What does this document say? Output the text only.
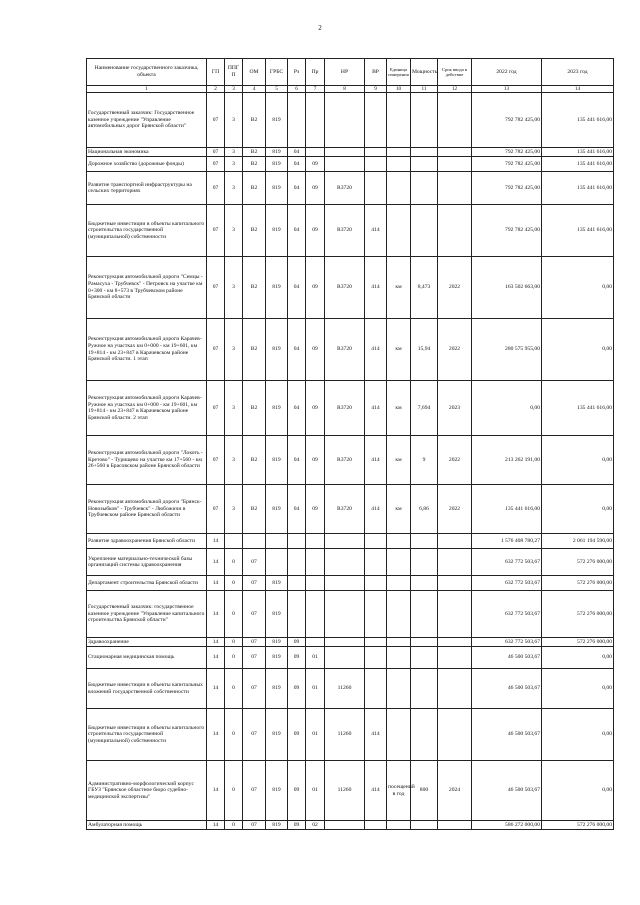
2
Наименование государственного заказчика, объекта	ГП	ППГ П	ОМ	ГРБС	Рз	Пр	НР	ВР	Единица измерения	Мощность	Срок ввода в действие	2022 год	2023 год
1	2	3	4	5	6	7	8	9	10	11	12	13	14
Государственный заказчик: Государственное казенное учреждение "Управление автомобильных дорог Брянской области"	07	3	В2	819								792 782 425,00	135 441 616,00
Национальная экономика	07	3	В2	819	04							792 782 425,00	135 441 616,00
Дорожное хозяйство (дорожные фонды)	07	3	В2	819	04	09						792 782 425,00	135 441 616,00
Развитие транспортной инфраструктуры на сельских территориях	07	3	В2	819	04	09	R3720					792 782 425,00	135 441 616,00
Бюджетные инвестиции в объекты капитального строительства государственной (муниципальной) собственности	07	3	В2	819	04	09	R3720	414				792 782 425,00	135 441 616,00
Реконструкция автомобильной дороги "Семцы - Рамасуха - Трубчевск" - Петровск на участке км 0+300 - км 8+573 в Трубчевском районе Брянской области	07	3	В2	819	04	09	R3720	414	км	8,473	2022	163 502 663,00	0,00
Реконструкция автомобильной дороги Карачев-Ружное на участках км 0+000 - км 19+601, км 19+814 - км 23+847 в Карачевском районе Брянской области. 1 этап	07	3	В2	819	04	09	R3720	414	км	15,94	2022	280 575 955,00	0,00
Реконструкция автомобильной дороги Карачев-Ружное на участках км 0+000 - км 19+601, км 19+814 - км 23+847 в Карачевском районе Брянской области. 2 этап	07	3	В2	819	04	09	R3720	414	км	7,694	2023	0,00	135 441 616,00
Реконструкция автомобильной дороги "Локоть - Кретово" - Турищево на участке км 17+560 - км 26+560 в Брасовском районе Брянской области	07	3	В2	819	04	09	R3720	414	км	9	2022	213 262 191,00	0,00
Реконструкция автомобильной дороги "Брянск-Новозыбков" - Трубчевск" - Любожичи в Трубчевском районе Брянской области	07	3	В2	819	04	09	R3720	414	км	6,86	2022	135 441 616,00	0,00
Развитие здравоохранения Брянской области	14											1 576 408 780,27	2 061 194 590,00
Укрепление материально-технической базы организаций системы здравоохранения	14	0	07									632 772 503,67	572 276 000,00
Департамент строительства Брянской области	14	0	07	819								632 772 503,67	572 276 000,00
Государственный заказчик: государственное казенное учреждение "Управление капитального строительства Брянской области"	14	0	07	819								632 772 503,67	572 276 000,00
Здравоохранение	14	0	07	819	09							632 772 503,67	572 276 000,00
Стационарная медицинская помощь	14	0	07	819	09	01						46 500 503,67	0,00
Бюджетные инвестиции в объекты капитальных вложений государственной собственности	14	0	07	819	09	01	11260					46 500 503,67	0,00
Бюджетные инвестиции в объекты капитального строительства государственной (муниципальной) собственности	14	0	07	819	09	01	11260	414				46 500 503,67	0,00
Административно-морфологический корпус ГБУЗ "Брянское областное бюро судебно-медицинской экспертизы"	14	0	07	819	09	01	11260	414	посещений в год	800	2024	46 500 503,67	0,00
Амбулаторная помощь	14	0	07	819	09	02						586 272 000,00	572 276 000,00
